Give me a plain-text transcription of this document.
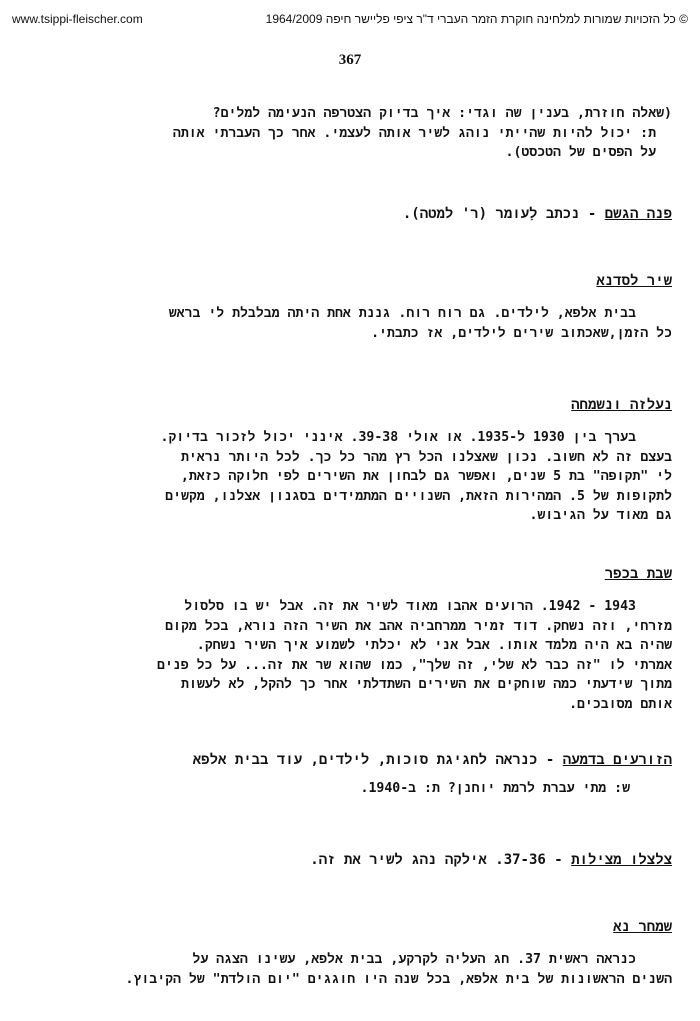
www.tsippi-fleischer.com	© כל הזכויות שמורות למלחינה חוקרת הזמר העברי ד"ר ציפי פליישר חיפה 1964/2009
367
(שאלה חוזרת, בענין שה וגדי: איך בדיוק הצטרפה הנעימה למלים?
ת: יכול להיות שהייתי נוהג לשיר אותה לעצמי. אחר כך העברתי אותה
על הפסים של הטכסט).
פנה הגשם - נכתב לָעומר (ר' למטה).
שיר לסדנא
בבית אלפא, לילדים. גם רוח רוח. גננת אחת היתה מבלבלת לי בראש
כל הזמן,שאכתוב שירים לילדים, אז כתבתי.
נעלזה ונשמחה
בערך בין 1930 ל-1935. או אולי 39-38. אינני יכול לזכור בדיוק.
בעצם זה לא חשוב. נכון שאצלנו הכל רץ מהר כל כך. לכל היותר נראית
לי "תקופה" בת 5 שנים, ואפשר גם לבחון את השירים לפי חלוקה כזאת,
לתקופות של 5. המהירות הזאת, השנויים המתמידים בסגנון אצלנו, מקשים
גם מאוד על הגיבוש.
שבת בכפר
1943 - 1942. הרועים אהבו מאוד לשיר את זה. אבל יש בו סלסול
מזרחי, וזה נשחק. דוד זמיר ממרחביה אהב את השיר הזה נורא, בכל מקום
שהיה בא היה מלמד אותו. אבל אני לא יכלתי לשמוע איך השיר נשחק.
אמרתי לו "זה כבר לא שלי, זה שלך", כמו שהוא שר את זה... על כל פנים
מתוך שידעתי כמה שוחקים את השירים השתדלתי אחר כך להקל, לא לעשות
אותם מסובכים.
הזורעים בדמעה - כנראה לחגיגת סוכות, לילדים, עוד בבית אלפא
ש: מתי עברת לרמת יוחנן? ת: ב-1940.
צלצלו מצילות - 37-36. אילקה נהג לשיר את זה.
שמחר נא
כנראה ראשית 37. חג העליה לקרקע, בבית אלפא, עשינו הצגה על
השנים הראשונות של בית אלפא, בכל שנה היו חוגגים "יום הולדת" של הקיבוץ.
